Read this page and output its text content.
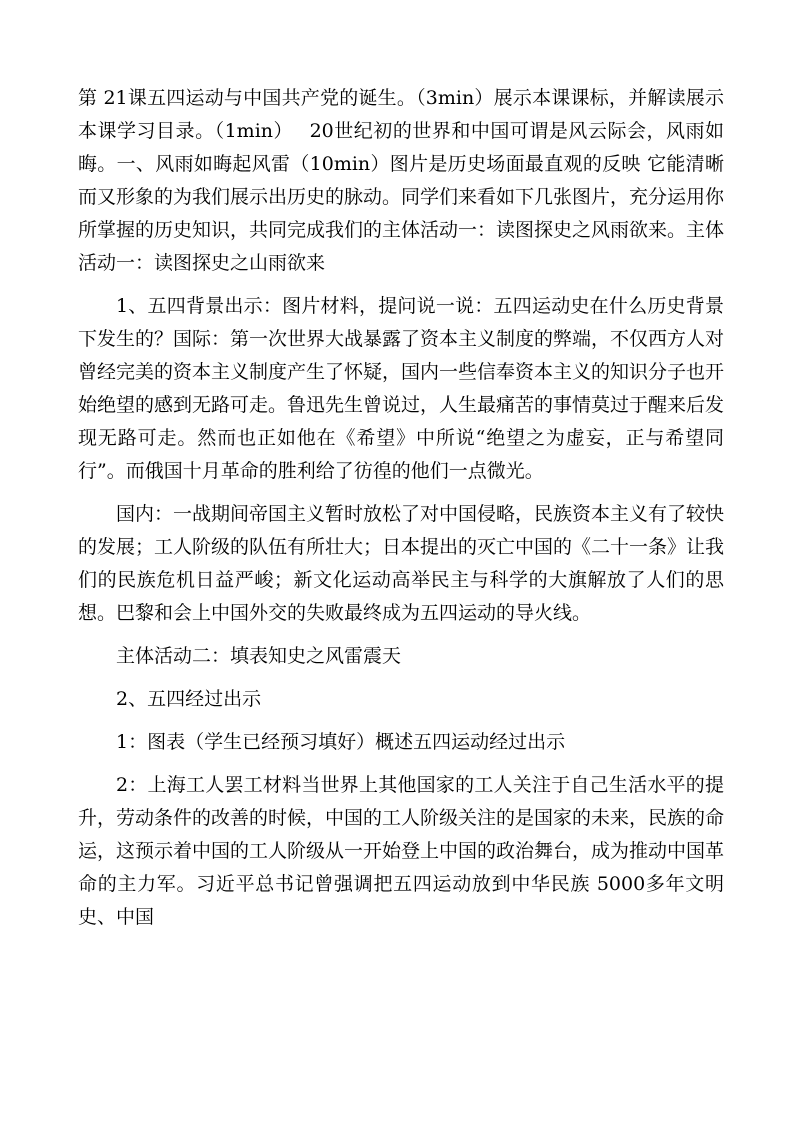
第 21课五四运动与中国共产党的诞生。（3min）展示本课课标，并解读展示本课学习目录。（1min）　 20世纪初的世界和中国可谓是风云际会，风雨如晦。一、风雨如晦起风雷（10min）图片是历史场面最直观的反映 它能清晰而又形象的为我们展示出历史的脉动。同学们来看如下几张图片，充分运用你所掌握的历史知识，共同完成我们的主体活动一：读图探史之风雨欲来。主体活动一：读图探史之山雨欲来

1、五四背景出示：图片材料，提问说一说：五四运动史在什么历史背景下发生的？国际：第一次世界大战暴露了资本主义制度的弊端，不仅西方人对曾经完美的资本主义制度产生了怀疑，国内一些信奉资本主义的知识分子也开始绝望的感到无路可走。鲁迅先生曾说过，人生最痛苦的事情莫过于醒来后发现无路可走。然而也正如他在《希望》中所说“绝望之为虚妄，正与希望同行”。而俄国十月革命的胜利给了彷徨的他们一点微光。

国内：一战期间帝国主义暂时放松了对中国侵略，民族资本主义有了较快的发展；工人阶级的队伍有所壮大；日本提出的灭亡中国的《二十一条》让我们的民族危机日益严峻；新文化运动高举民主与科学的大旗解放了人们的思想。巴黎和会上中国外交的失败最终成为五四运动的导火线。

主体活动二：填表知史之风雷震天

2、五四经过出示

1：图表（学生已经预习填好）概述五四运动经过出示

2：上海工人罢工材料当世界上其他国家的工人关注于自己生活水平的提升，劳动条件的改善的时候，中国的工人阶级关注的是国家的未来，民族的命运，这预示着中国的工人阶级从一开始登上中国的政治舞台，成为推动中国革命的主力军。习近平总书记曾强调把五四运动放到中华民族 5000多年文明史、中国
